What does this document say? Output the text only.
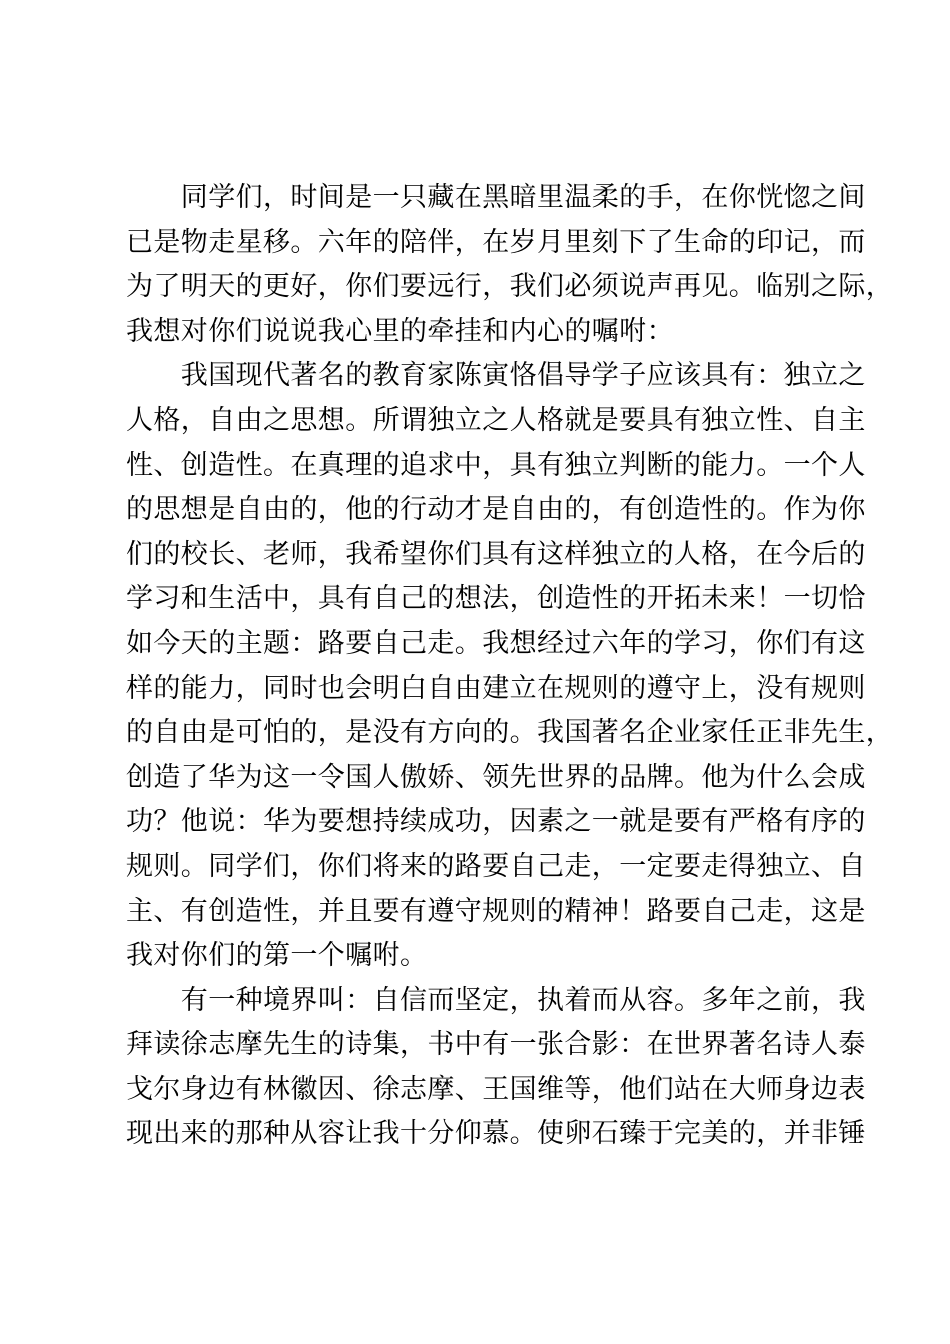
　　同学们，时间是一只藏在黑暗里温柔的手，在你恍惚之间
已是物走星移。六年的陪伴，在岁月里刻下了生命的印记，而
为了明天的更好，你们要远行，我们必须说声再见。临别之际，
我想对你们说说我心里的牵挂和内心的嘱咐：
　　我国现代著名的教育家陈寅恪倡导学子应该具有：独立之
人格，自由之思想。所谓独立之人格就是要具有独立性、自主
性、创造性。在真理的追求中，具有独立判断的能力。一个人
的思想是自由的，他的行动才是自由的，有创造性的。作为你
们的校长、老师，我希望你们具有这样独立的人格，在今后的
学习和生活中，具有自己的想法，创造性的开拓未来！一切恰
如今天的主题：路要自己走。我想经过六年的学习，你们有这
样的能力，同时也会明白自由建立在规则的遵守上，没有规则
的自由是可怕的，是没有方向的。我国著名企业家任正非先生，
创造了华为这一令国人傲娇、领先世界的品牌。他为什么会成
功？他说：华为要想持续成功，因素之一就是要有严格有序的
规则。同学们，你们将来的路要自己走，一定要走得独立、自
主、有创造性，并且要有遵守规则的精神！路要自己走，这是
我对你们的第一个嘱咐。
　　有一种境界叫：自信而坚定，执着而从容。多年之前，我
拜读徐志摩先生的诗集，书中有一张合影：在世界著名诗人泰
戈尔身边有林徽因、徐志摩、王国维等，他们站在大师身边表
现出来的那种从容让我十分仰慕。使卵石臻于完美的，并非锤
